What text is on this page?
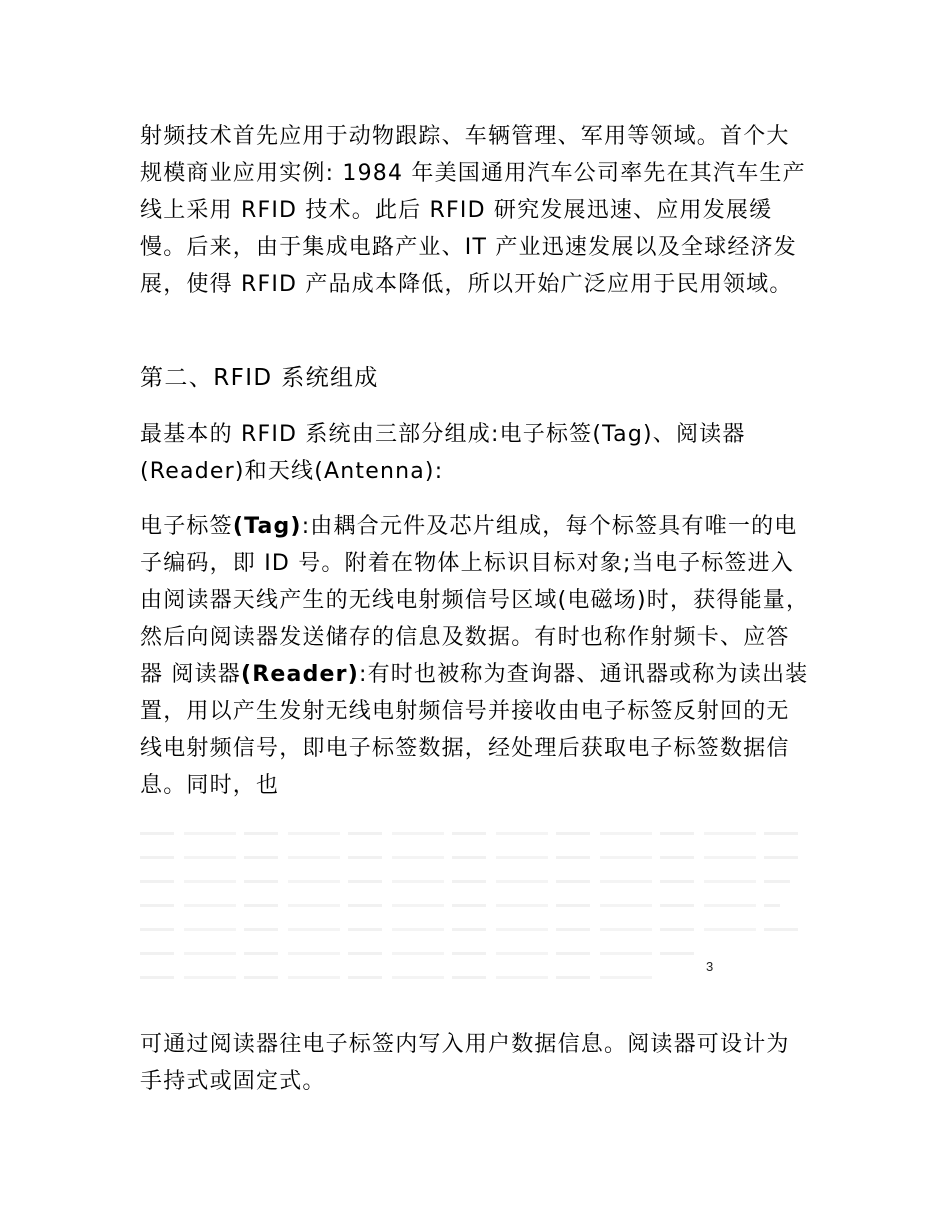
射频技术首先应用于动物跟踪、车辆管理、军用等领域。首个大规模商业应用实例: 1984 年美国通用汽车公司率先在其汽车生产线上采用 RFID 技术。此后 RFID 研究发展迅速、应用发展缓慢。后来，由于集成电路产业、IT 产业迅速发展以及全球经济发展，使得 RFID 产品成本降低，所以开始广泛应用于民用领域。

第二、RFID 系统组成

最基本的 RFID 系统由三部分组成:电子标签(Tag)、阅读器(Reader)和天线(Antenna):

电子标签(Tag):由耦合元件及芯片组成，每个标签具有唯一的电子编码，即 ID 号。附着在物体上标识目标对象;当电子标签进入由阅读器天线产生的无线电射频信号区域(电磁场)时，获得能量，然后向阅读器发送储存的信息及数据。有时也称作射频卡、应答器 阅读器(Reader):有时也被称为查询器、通讯器或称为读出装置，用以产生发射无线电射频信号并接收由电子标签反射回的无线电射频信号，即电子标签数据，经处理后获取电子标签数据信息。同时，也

3

可通过阅读器往电子标签内写入用户数据信息。阅读器可设计为手持式或固定式。
